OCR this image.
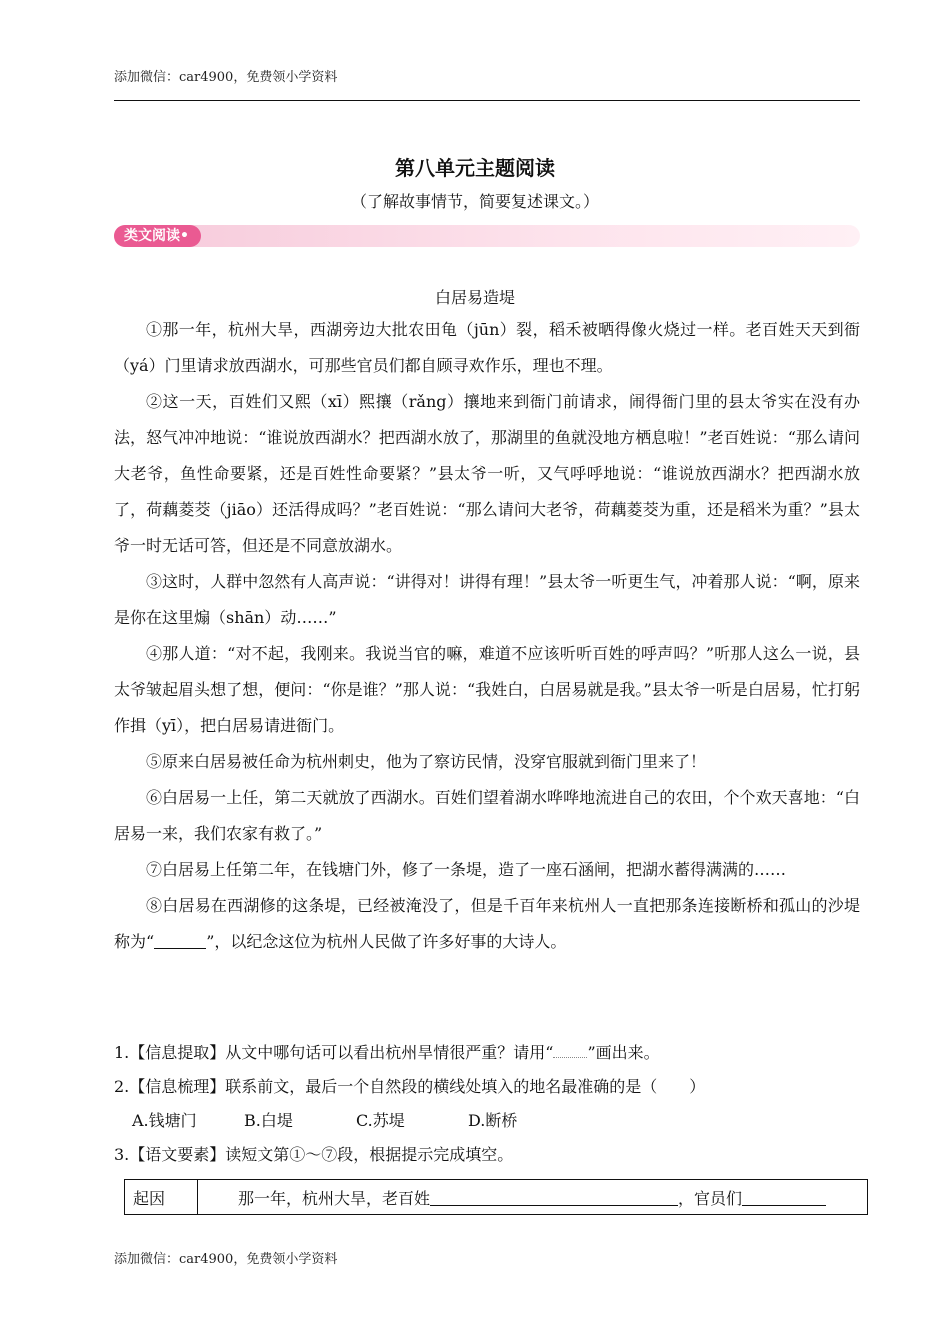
添加微信：car4900，免费领小学资料
第八单元主题阅读
（了解故事情节，简要复述课文。）
类文阅读•
白居易造堤

①那一年，杭州大旱，西湖旁边大批农田龟（jūn）裂，稻禾被晒得像火烧过一样。老百姓天天到衙（yá）门里请求放西湖水，可那些官员们都自顾寻欢作乐，理也不理。

②这一天，百姓们又熙（xī）熙攘（rǎng）攘地来到衙门前请求，闹得衙门里的县太爷实在没有办法，怒气冲冲地说：“谁说放西湖水？把西湖水放了，那湖里的鱼就没地方栖息啦！”老百姓说：“那么请问大老爷，鱼性命要紧，还是百姓性命要紧？”县太爷一听，又气呼呼地说：“谁说放西湖水？把西湖水放了，荷藕菱茭（jiāo）还活得成吗？”老百姓说：“那么请问大老爷，荷藕菱茭为重，还是稻米为重？”县太爷一时无话可答，但还是不同意放湖水。

③这时，人群中忽然有人高声说：“讲得对！讲得有理！”县太爷一听更生气，冲着那人说：“啊，原来是你在这里煽（shān）动……”

④那人道：“对不起，我刚来。我说当官的嘛，难道不应该听听百姓的呼声吗？”听那人这么一说，县太爷皱起眉头想了想，便问：“你是谁？”那人说：“我姓白，白居易就是我。”县太爷一听是白居易，忙打躬作揖（yī），把白居易请进衙门。

⑤原来白居易被任命为杭州刺史，他为了察访民情，没穿官服就到衙门里来了！

⑥白居易一上任，第二天就放了西湖水。百姓们望着湖水哗哗地流进自己的农田，个个欢天喜地：“白居易一来，我们农家有救了。”

⑦白居易上任第二年，在钱塘门外，修了一条堤，造了一座石涵闸，把湖水蓄得满满的……

⑧白居易在西湖修的这条堤，已经被淹没了，但是千百年来杭州人一直把那条连接断桥和孤山的沙堤称为“	”，以纪念这位为杭州人民做了许多好事的大诗人。

1.【信息提取】从文中哪句话可以看出杭州旱情很严重？请用“ ”画出来。
2.【信息梳理】联系前文，最后一个自然段的横线处填入的地名最准确的是（　　）
A.钱塘门	B.白堤	C.苏堤	D.断桥
3.【语文要素】读短文第①～⑦段，根据提示完成填空。
起因	那一年，杭州大旱，老百姓	，官员们
添加微信：car4900，免费领小学资料
